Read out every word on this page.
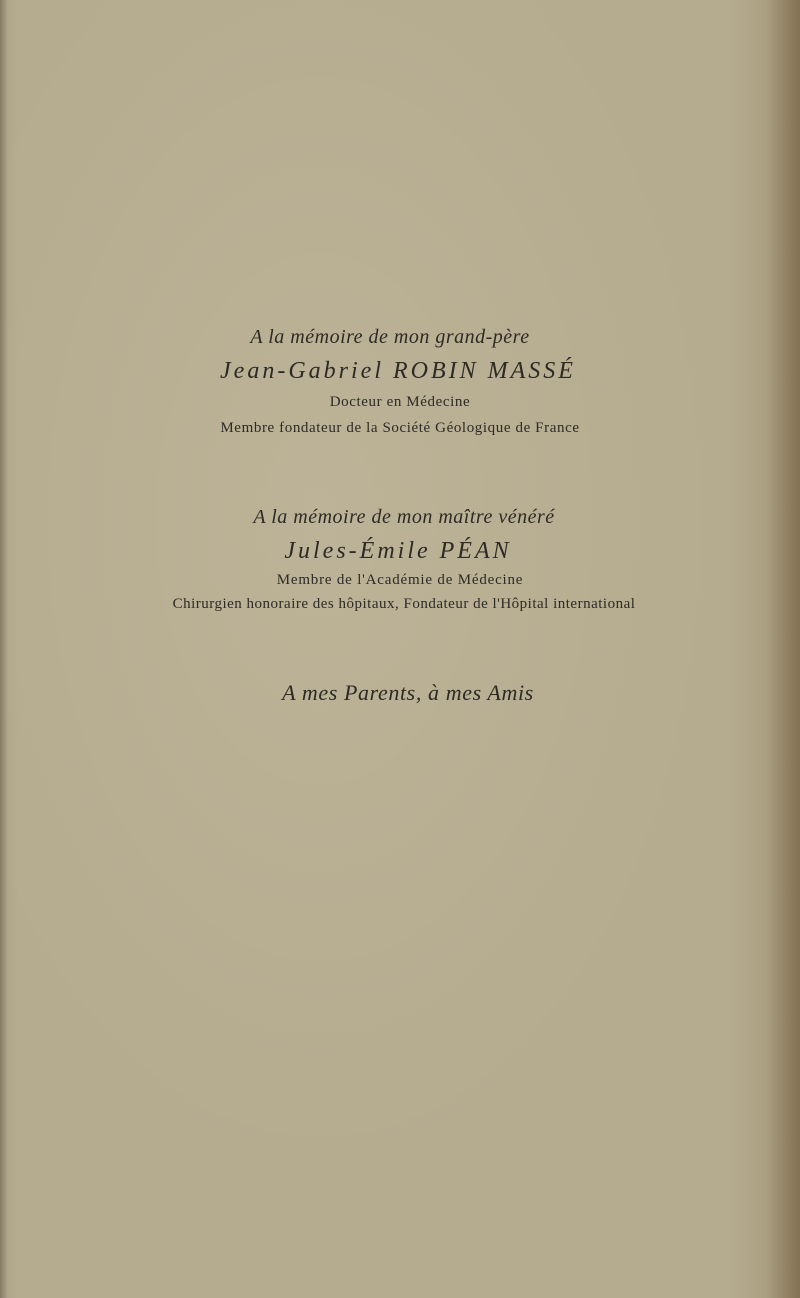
A la mémoire de mon grand-père
Jean-Gabriel ROBIN MASSÉ
Docteur en Médecine
Membre fondateur de la Société Géologique de France
A la mémoire de mon maître vénéré
Jules-Émile PÉAN
Membre de l'Académie de Médecine
Chirurgien honoraire des hôpitaux, Fondateur de l'Hôpital international
A mes Parents, à mes Amis
